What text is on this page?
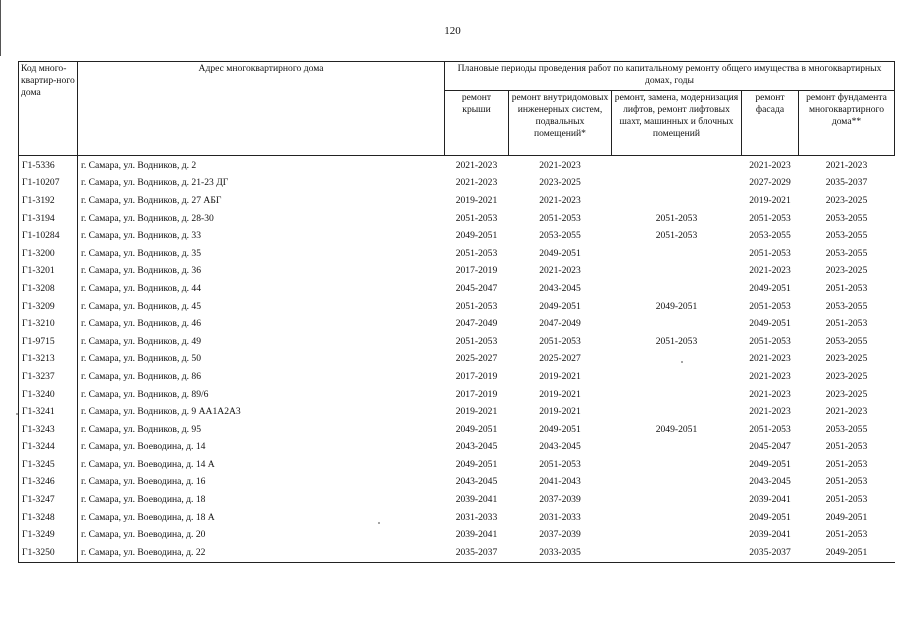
120
Код много-квартир-ного дома	Адрес многоквартирного дома	Плановые периоды проведения работ по капитальному ремонту общего имущества в многоквартирных домах, годы				
		ремонт крыши	ремонт внутридомовых инженерных систем, подвальных помещений*	ремонт, замена, модернизация лифтов, ремонт лифтовых шахт, машинных и блочных помещений	ремонт фасада	ремонт фундамента многоквартирного дома**
Г1-5336	г. Самара, ул. Водников, д. 2	2021-2023	2021-2023		2021-2023	2021-2023
Г1-10207	г. Самара, ул. Водников, д. 21-23 ДГ	2021-2023	2023-2025		2027-2029	2035-2037
Г1-3192	г. Самара, ул. Водников, д. 27 АБГ	2019-2021	2021-2023		2019-2021	2023-2025
Г1-3194	г. Самара, ул. Водников, д. 28-30	2051-2053	2051-2053	2051-2053	2051-2053	2053-2055
Г1-10284	г. Самара, ул. Водников, д. 33	2049-2051	2053-2055	2051-2053	2053-2055	2053-2055
Г1-3200	г. Самара, ул. Водников, д. 35	2051-2053	2049-2051		2051-2053	2053-2055
Г1-3201	г. Самара, ул. Водников, д. 36	2017-2019	2021-2023		2021-2023	2023-2025
Г1-3208	г. Самара, ул. Водников, д. 44	2045-2047	2043-2045		2049-2051	2051-2053
Г1-3209	г. Самара, ул. Водников, д. 45	2051-2053	2049-2051	2049-2051	2051-2053	2053-2055
Г1-3210	г. Самара, ул. Водников, д. 46	2047-2049	2047-2049		2049-2051	2051-2053
Г1-9715	г. Самара, ул. Водников, д. 49	2051-2053	2051-2053	2051-2053	2051-2053	2053-2055
Г1-3213	г. Самара, ул. Водников, д. 50	2025-2027	2025-2027		2021-2023	2023-2025
Г1-3237	г. Самара, ул. Водников, д. 86	2017-2019	2019-2021		2021-2023	2023-2025
Г1-3240	г. Самара, ул. Водников, д. 89/6	2017-2019	2019-2021		2021-2023	2023-2025
Г1-3241	г. Самара, ул. Водников, д. 9 АА1А2А3	2019-2021	2019-2021		2021-2023	2021-2023
Г1-3243	г. Самара, ул. Водников, д. 95	2049-2051	2049-2051	2049-2051	2051-2053	2053-2055
Г1-3244	г. Самара, ул. Воеводина, д. 14	2043-2045	2043-2045		2045-2047	2051-2053
Г1-3245	г. Самара, ул. Воеводина, д. 14 А	2049-2051	2051-2053		2049-2051	2051-2053
Г1-3246	г. Самара, ул. Воеводина, д. 16	2043-2045	2041-2043		2043-2045	2051-2053
Г1-3247	г. Самара, ул. Воеводина, д. 18	2039-2041	2037-2039		2039-2041	2051-2053
Г1-3248	г. Самара, ул. Воеводина, д. 18 А	2031-2033	2031-2033		2049-2051	2049-2051
Г1-3249	г. Самара, ул. Воеводина, д. 20	2039-2041	2037-2039		2039-2041	2051-2053
Г1-3250	г. Самара, ул. Воеводина, д. 22	2035-2037	2033-2035		2035-2037	2049-2051
